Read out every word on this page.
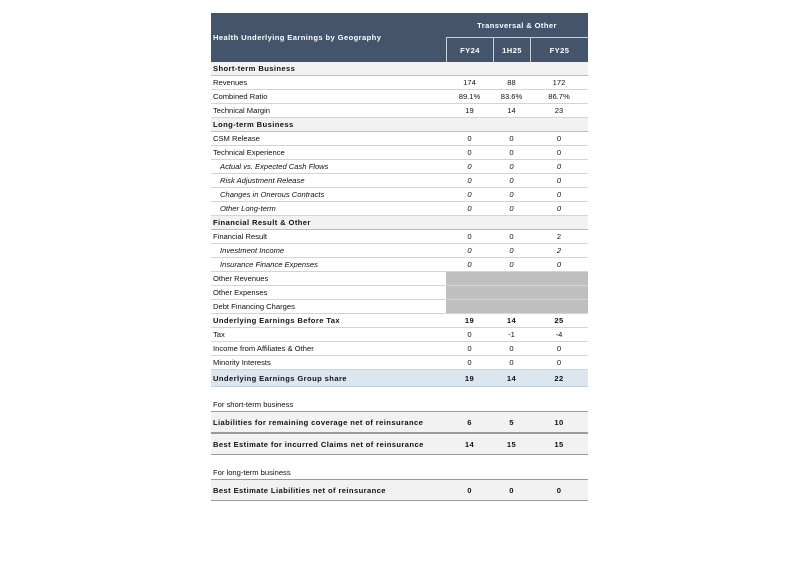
Health Underlying Earnings by Geography
Transversal & Other
FY24	1H25	FY25
Short-term Business
Revenues	174	88	172
Combined Ratio	89.1%	83.6%	86.7%
Technical Margin	19	14	23
Long-term Business
CSM Release	0	0	0
Technical Experience	0	0	0
Actual vs. Expected Cash Flows	0	0	0
Risk Adjustment Release	0	0	0
Changes in Onerous Contracts	0	0	0
Other Long-term	0	0	0
Financial Result & Other
Financial Result	0	0	2
Investment Income	0	0	2
Insurance Finance Expenses	0	0	0
Other Revenues
Other Expenses
Debt Financing Charges
Underlying Earnings Before Tax	19	14	25
Tax	0	-1	-4
Income from Affiliates & Other	0	0	0
Minority Interests	0	0	0
Underlying Earnings Group share	19	14	22
For short-term business
Liabilities for remaining coverage net of reinsurance	6	5	10
Best Estimate for incurred Claims net of reinsurance	14	15	15
For long-term business
Best Estimate Liabilities net of reinsurance	0	0	0
